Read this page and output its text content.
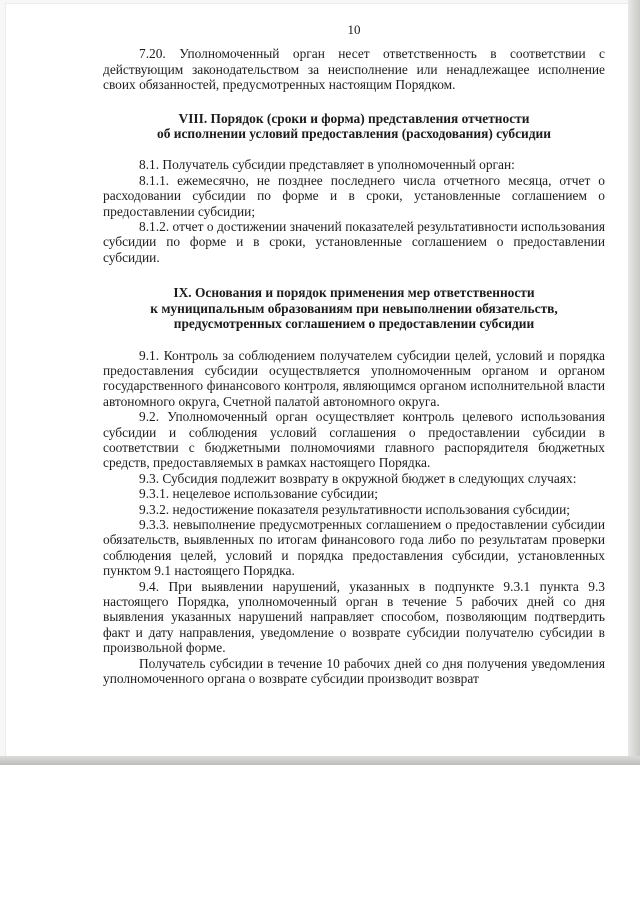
10

7.20. Уполномоченный орган несет ответственность в соответствии с действующим законодательством за неисполнение или ненадлежащее исполнение своих обязанностей, предусмотренных настоящим Порядком.

VIII. Порядок (сроки и форма) представления отчетности
об исполнении условий предоставления (расходования) субсидии

8.1. Получатель субсидии представляет в уполномоченный орган:

8.1.1. ежемесячно, не позднее последнего числа отчетного месяца, отчет о расходовании субсидии по форме и в сроки, установленные соглашением о предоставлении субсидии;

8.1.2. отчет о достижении значений показателей результативности использования субсидии по форме и в сроки, установленные соглашением о предоставлении субсидии.

IX. Основания и порядок применения мер ответственности
к муниципальным образованиям при невыполнении обязательств,
предусмотренных соглашением о предоставлении субсидии

9.1. Контроль за соблюдением получателем субсидии целей, условий и порядка предоставления субсидии осуществляется уполномоченным органом и органом государственного финансового контроля, являющимся органом исполнительной власти автономного округа, Счетной палатой автономного округа.

9.2. Уполномоченный орган осуществляет контроль целевого использования субсидии и соблюдения условий соглашения о предоставлении субсидии в соответствии с бюджетными полномочиями главного распорядителя бюджетных средств, предоставляемых в рамках настоящего Порядка.

9.3. Субсидия подлежит возврату в окружной бюджет в следующих случаях:

9.3.1. нецелевое использование субсидии;

9.3.2. недостижение показателя результативности использования субсидии;

9.3.3. невыполнение предусмотренных соглашением о предоставлении субсидии обязательств, выявленных по итогам финансового года либо по результатам проверки соблюдения целей, условий и порядка предоставления субсидии, установленных пунктом 9.1 настоящего Порядка.

9.4. При выявлении нарушений, указанных в подпункте 9.3.1 пункта 9.3 настоящего Порядка, уполномоченный орган в течение 5 рабочих дней со дня выявления указанных нарушений направляет способом, позволяющим подтвердить факт и дату направления, уведомление о возврате субсидии получателю субсидии в произвольной форме.

Получатель субсидии в течение 10 рабочих дней со дня получения уведомления уполномоченного органа о возврате субсидии производит возврат
